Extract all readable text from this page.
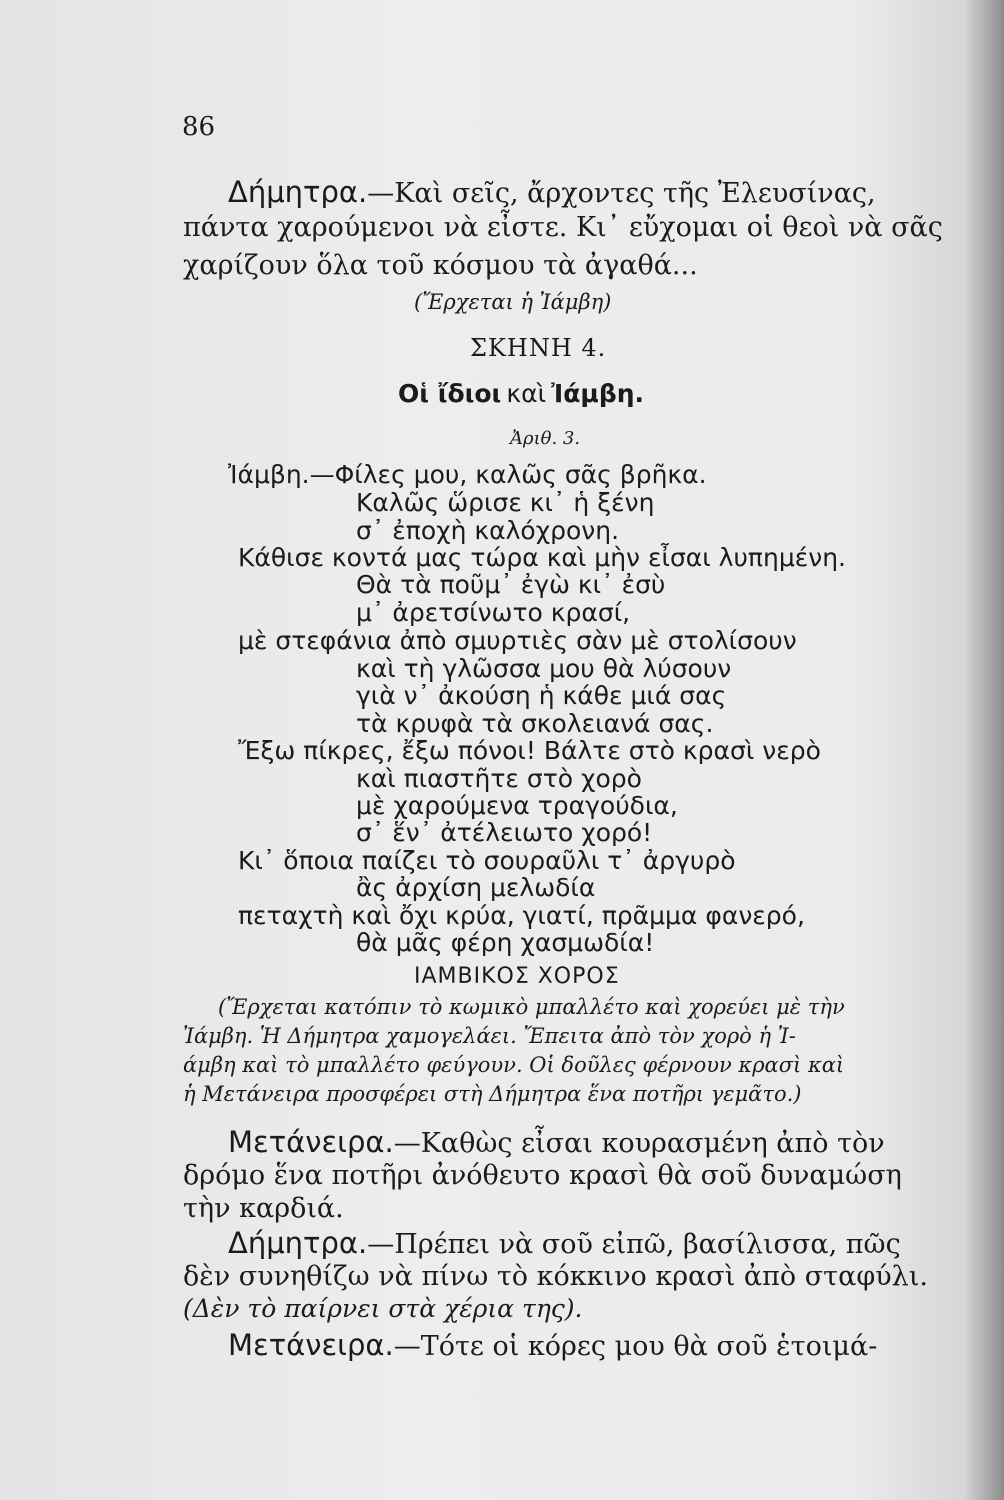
86
Δήμητρα.—Καὶ σεῖς, ἄρχοντες τῆς Ἐλευσίνας,
πάντα χαρούμενοι νὰ εἶστε. Κι᾽ εὔχομαι οἱ θεοὶ νὰ σᾶς
χαρίζουν ὅλα τοῦ κόσμου τὰ ἀγαθά...
(Ἔρχεται ἡ Ἰάμβη)
ΣΚΗΝΗ 4.
Οἱ ἴδιοι καὶ Ἰάμβη.
Ἀριθ. 3.
Ἰάμβη.—Φίλες μου, καλῶς σᾶς βρῆκα.
Καλῶς ὥρισε κι᾽ ἡ ξένη
σ᾽ ἐποχὴ καλόχρονη.
Κάθισε κοντά μας τώρα καὶ μὴν εἶσαι λυπημένη.
Θὰ τὰ ποῦμ᾽ ἐγὼ κι᾽ ἐσὺ
μ᾽ ἀρετσίνωτο κρασί,
μὲ στεφάνια ἀπὸ σμυρτιὲς σὰν μὲ στολίσουν
καὶ τὴ γλῶσσα μου θὰ λύσουν
γιὰ ν᾽ ἀκούση ἡ κάθε μιά σας
τὰ κρυφὰ τὰ σκολειανά σας.
Ἔξω πίκρες, ἔξω πόνοι! Βάλτε στὸ κρασὶ νερὸ
καὶ πιαστῆτε στὸ χορὸ
μὲ χαρούμενα τραγούδια,
σ᾽ ἕν᾽ ἀτέλειωτο χορό!
Κι᾽ ὅποια παίζει τὸ σουραῦλι τ᾽ ἀργυρὸ
ἂς ἀρχίση μελωδία
πεταχτὴ καὶ ὄχι κρύα, γιατί, πρᾶμμα φανερό,
θὰ μᾶς φέρη χασμωδία!
ΙΑΜΒΙΚΟΣ ΧΟΡΟΣ
(Ἔρχεται κατόπιν τὸ κωμικὸ μπαλλέτο καὶ χορεύει μὲ τὴν
Ἰάμβη. Ἡ Δήμητρα χαμογελάει. Ἔπειτα ἀπὸ τὸν χορὸ ἡ Ἰ-
άμβη καὶ τὸ μπαλλέτο φεύγουν. Οἱ δοῦλες φέρνουν κρασὶ καὶ
ἡ Μετάνειρα προσφέρει στὴ Δήμητρα ἕνα ποτῆρι γεμᾶτο.)
Μετάνειρα.—Καθὼς εἶσαι κουρασμένη ἀπὸ τὸν
δρόμο ἕνα ποτῆρι ἀνόθευτο κρασὶ θὰ σοῦ δυναμώση
τὴν καρδιά.
Δήμητρα.—Πρέπει νὰ σοῦ εἰπῶ, βασίλισσα, πῶς
δὲν συνηθίζω νὰ πίνω τὸ κόκκινο κρασὶ ἀπὸ σταφύλι.
(Δὲν τὸ παίρνει στὰ χέρια της).
Μετάνειρα.—Τότε οἱ κόρες μου θὰ σοῦ ἑτοιμά-
